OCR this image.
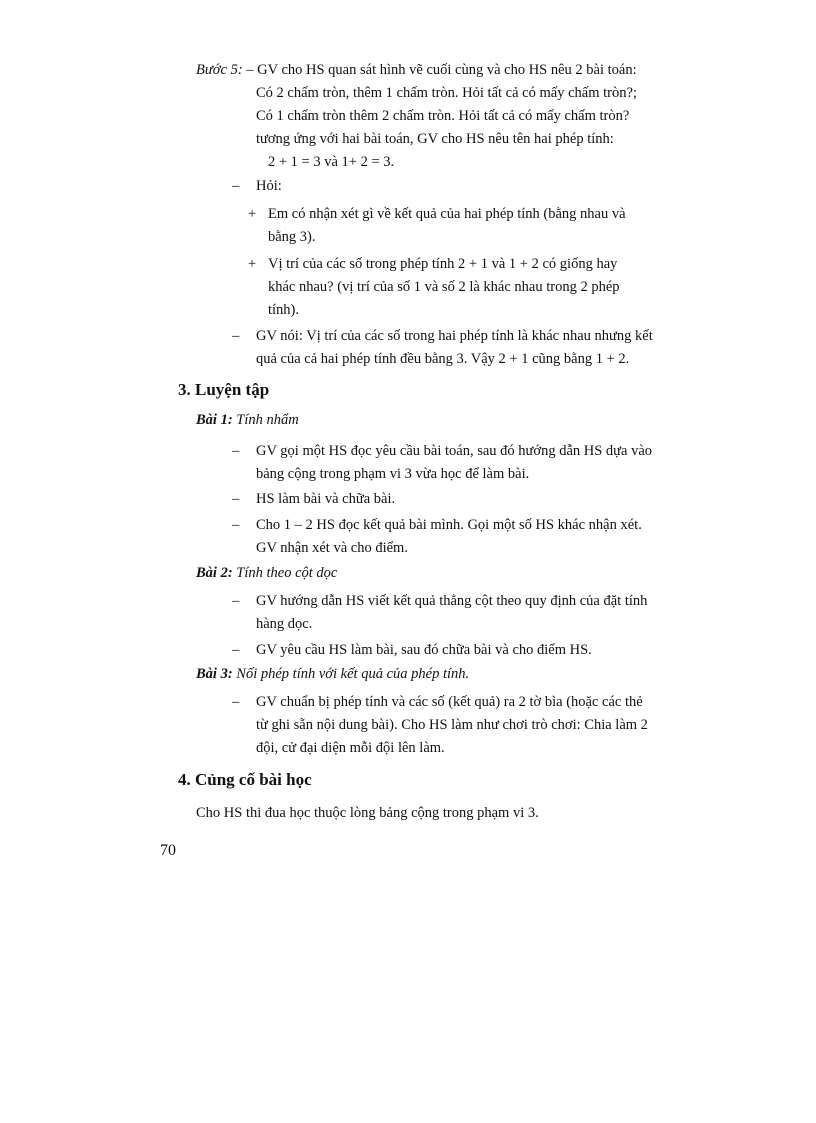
Bước 5: – GV cho HS quan sát hình vẽ cuối cùng và cho HS nêu 2 bài toán:
Có 2 chấm tròn, thêm 1 chấm tròn. Hỏi tất cả có mấy chấm tròn?;
Có 1 chấm tròn thêm 2 chấm tròn. Hỏi tất cả có mấy chấm tròn?
tương ứng với hai bài toán, GV cho HS nêu tên hai phép tính:
2 + 1 = 3 và 1+ 2 = 3.
– Hỏi:
+ Em có nhận xét gì về kết quả của hai phép tính (bằng nhau và
bằng 3).
+ Vị trí của các số trong phép tính 2 + 1 và 1 + 2 có giống hay
khác nhau? (vị trí của số 1 và số 2 là khác nhau trong 2 phép
tính).
– GV nói: Vị trí của các số trong hai phép tính là khác nhau nhưng kết
quả của cả hai phép tính đều bằng 3. Vậy 2 + 1 cũng bằng 1 + 2.
3. Luyện tập
Bài 1: Tính nhẩm
– GV gọi một HS đọc yêu cầu bài toán, sau đó hướng dẫn HS dựa vào
bảng cộng trong phạm vi 3 vừa học để làm bài.
– HS làm bài và chữa bài.
– Cho 1 – 2 HS đọc kết quả bài mình. Gọi một số HS khác nhận xét.
GV nhận xét và cho điểm.
Bài 2: Tính theo cột dọc
– GV hướng dẫn HS viết kết quả thẳng cột theo quy định của đặt tính
hàng dọc.
– GV yêu cầu HS làm bài, sau đó chữa bài và cho điểm HS.
Bài 3: Nối phép tính với kết quả của phép tính.
– GV chuẩn bị phép tính và các số (kết quả) ra 2 tờ bìa (hoặc các thẻ
từ ghi sẵn nội dung bài). Cho HS làm như chơi trò chơi: Chia làm 2
đội, cử đại diện mỗi đội lên làm.
4. Củng cố bài học
Cho HS thi đua học thuộc lòng bảng cộng trong phạm vi 3.
70
